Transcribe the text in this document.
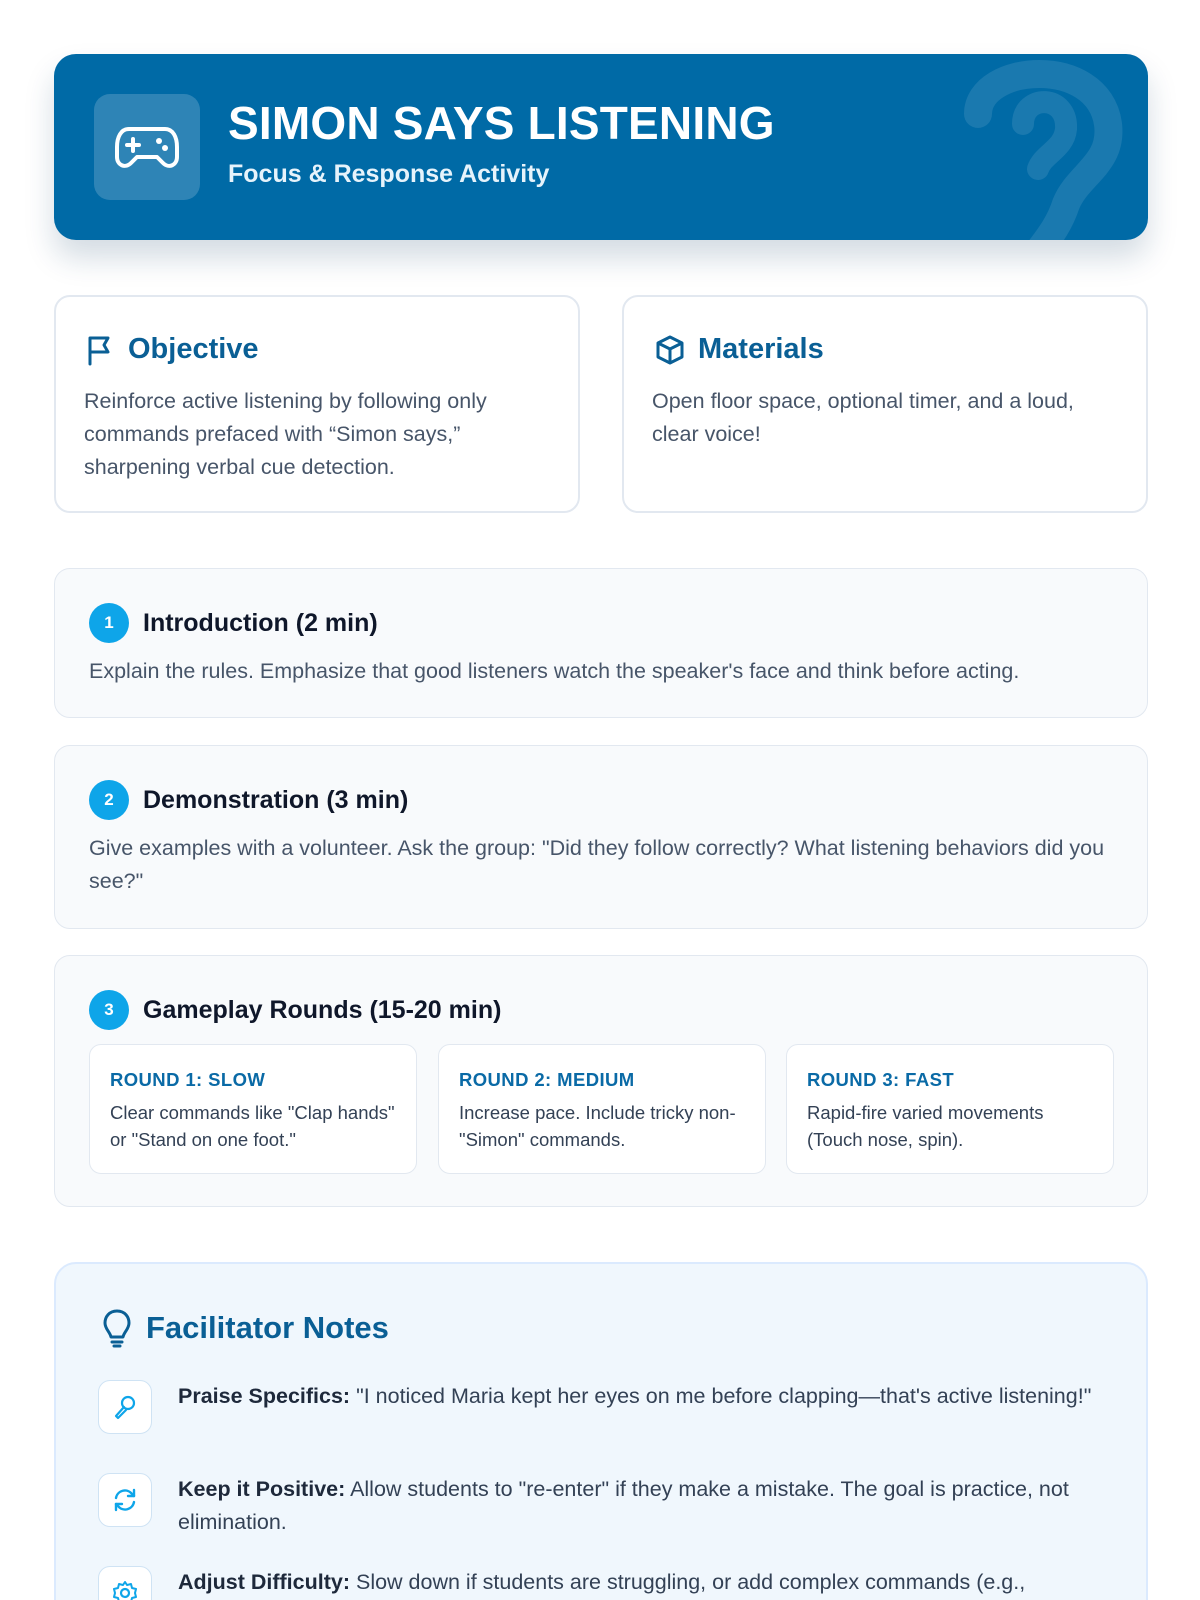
SIMON SAYS LISTENING
Focus & Response Activity
Objective
Reinforce active listening by following only commands prefaced with “Simon says,” sharpening verbal cue detection.
Materials
Open floor space, optional timer, and a loud, clear voice!
1	Introduction (2 min)
Explain the rules. Emphasize that good listeners watch the speaker's face and think before acting.
2	Demonstration (3 min)
Give examples with a volunteer. Ask the group: "Did they follow correctly? What listening behaviors did you see?"
3	Gameplay Rounds (15-20 min)
ROUND 1: SLOW
Clear commands like "Clap hands" or "Stand on one foot."
ROUND 2: MEDIUM
Increase pace. Include tricky non-"Simon" commands.
ROUND 3: FAST
Rapid-fire varied movements (Touch nose, spin).
Facilitator Notes
Praise Specifics: "I noticed Maria kept her eyes on me before clapping—that's active listening!"
Keep it Positive: Allow students to "re-enter" if they make a mistake. The goal is practice, not elimination.
Adjust Difficulty: Slow down if students are struggling, or add complex commands (e.g.,
